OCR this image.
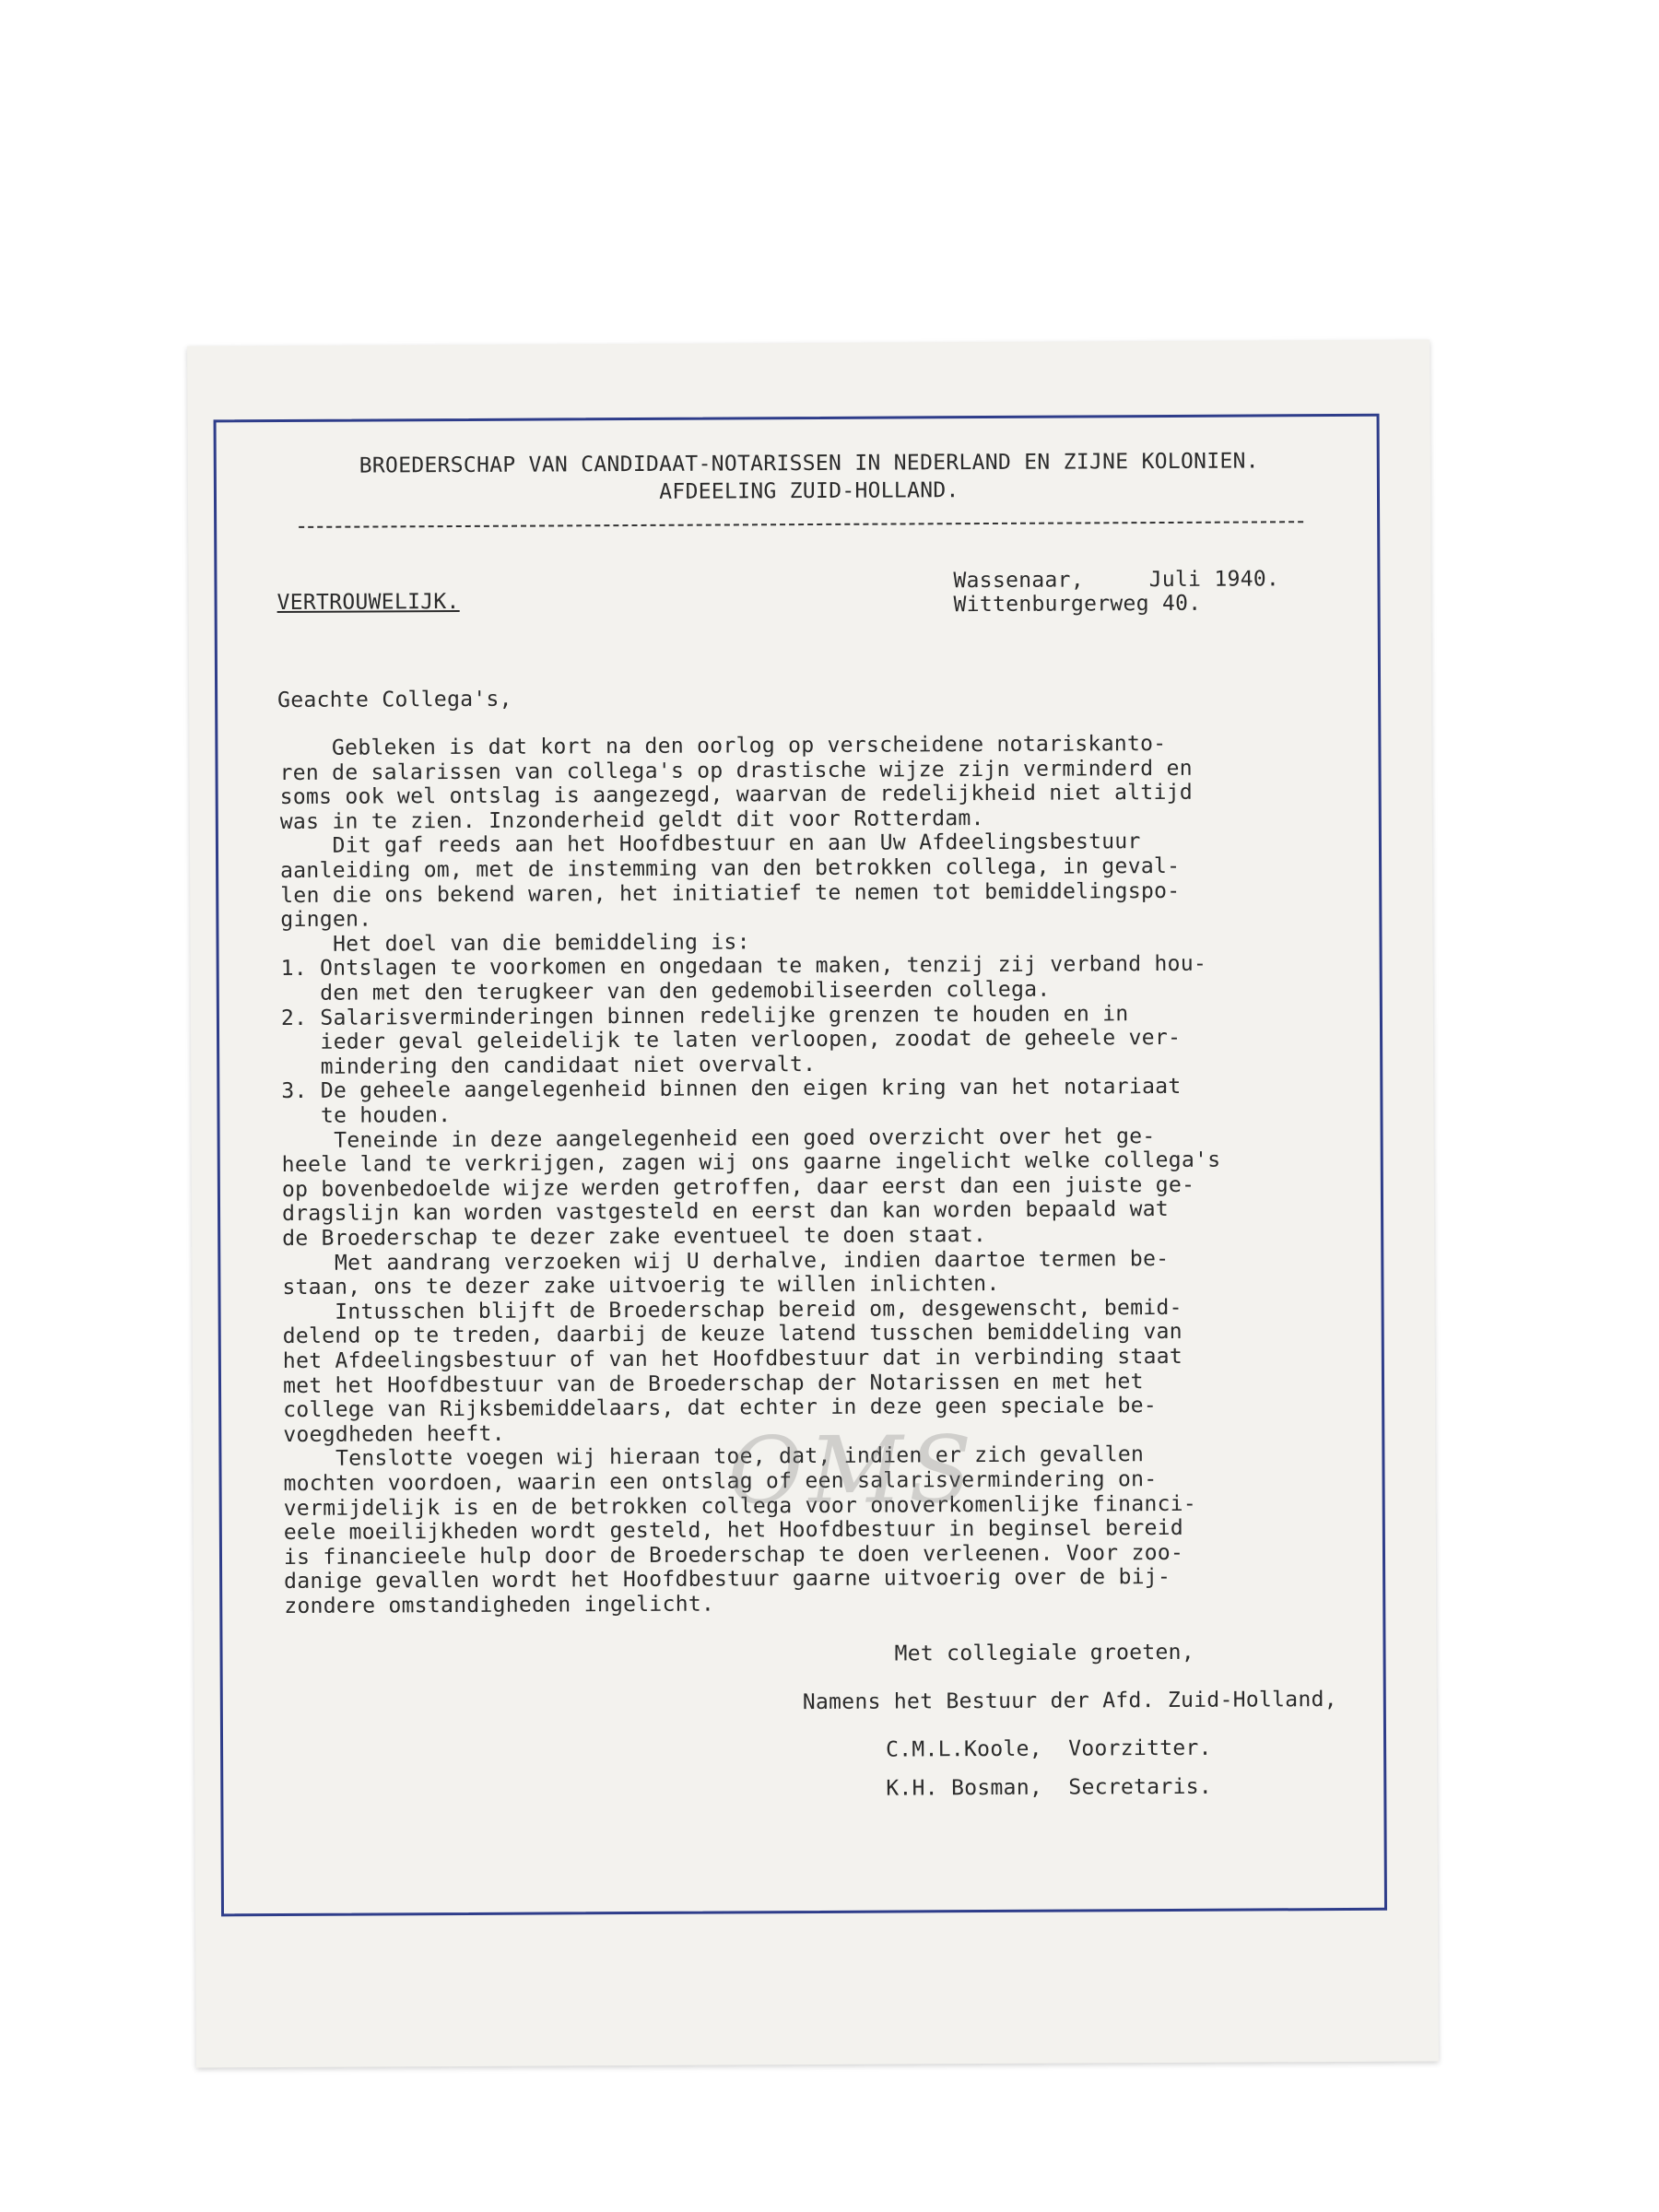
BROEDERSCHAP VAN CANDIDAAT-NOTARISSEN IN NEDERLAND EN ZIJNE KOLONIEN.
AFDEELING ZUID-HOLLAND.
VERTROUWELIJK.
Wassenaar,     Juli 1940.
Wittenburgerweg 40.
Geachte Collega's,
Gebleken is dat kort na den oorlog op verscheidene notariskanto-
ren de salarissen van collega's op drastische wijze zijn verminderd en
soms ook wel ontslag is aangezegd, waarvan de redelijkheid niet altijd
was in te zien. Inzonderheid geldt dit voor Rotterdam.
Dit gaf reeds aan het Hoofdbestuur en aan Uw Afdeelingsbestuur
aanleiding om, met de instemming van den betrokken collega, in geval-
len die ons bekend waren, het initiatief te nemen tot bemiddelingspo-
gingen.
Het doel van die bemiddeling is:
1. Ontslagen te voorkomen en ongedaan te maken, tenzij zij verband hou-
den met den terugkeer van den gedemobiliseerden collega.
2. Salarisverminderingen binnen redelijke grenzen te houden en in
ieder geval geleidelijk te laten verloopen, zoodat de geheele ver-
mindering den candidaat niet overvalt.
3. De geheele aangelegenheid binnen den eigen kring van het notariaat
te houden.
Teneinde in deze aangelegenheid een goed overzicht over het ge-
heele land te verkrijgen, zagen wij ons gaarne ingelicht welke collega's
op bovenbedoelde wijze werden getroffen, daar eerst dan een juiste ge-
dragslijn kan worden vastgesteld en eerst dan kan worden bepaald wat
de Broederschap te dezer zake eventueel te doen staat.
Met aandrang verzoeken wij U derhalve, indien daartoe termen be-
staan, ons te dezer zake uitvoerig te willen inlichten.
Intusschen blijft de Broederschap bereid om, desgewenscht, bemid-
delend op te treden, daarbij de keuze latend tusschen bemiddeling van
het Afdeelingsbestuur of van het Hoofdbestuur dat in verbinding staat
met het Hoofdbestuur van de Broederschap der Notarissen en met het
college van Rijksbemiddelaars, dat echter in deze geen speciale be-
voegdheden heeft.
Tenslotte voegen wij hieraan toe, dat, indien er zich gevallen
mochten voordoen, waarin een ontslag of een salarisvermindering on-
vermijdelijk is en de betrokken collega voor onoverkomenlijke financi-
eele moeilijkheden wordt gesteld, het Hoofdbestuur in beginsel bereid
is financieele hulp door de Broederschap te doen verleenen. Voor zoo-
danige gevallen wordt het Hoofdbestuur gaarne uitvoerig over de bij-
zondere omstandigheden ingelicht.
Met collegiale groeten,
Namens het Bestuur der Afd. Zuid-Holland,
C.M.L.Koole,  Voorzitter.
K.H. Bosman,  Secretaris.
OMS
